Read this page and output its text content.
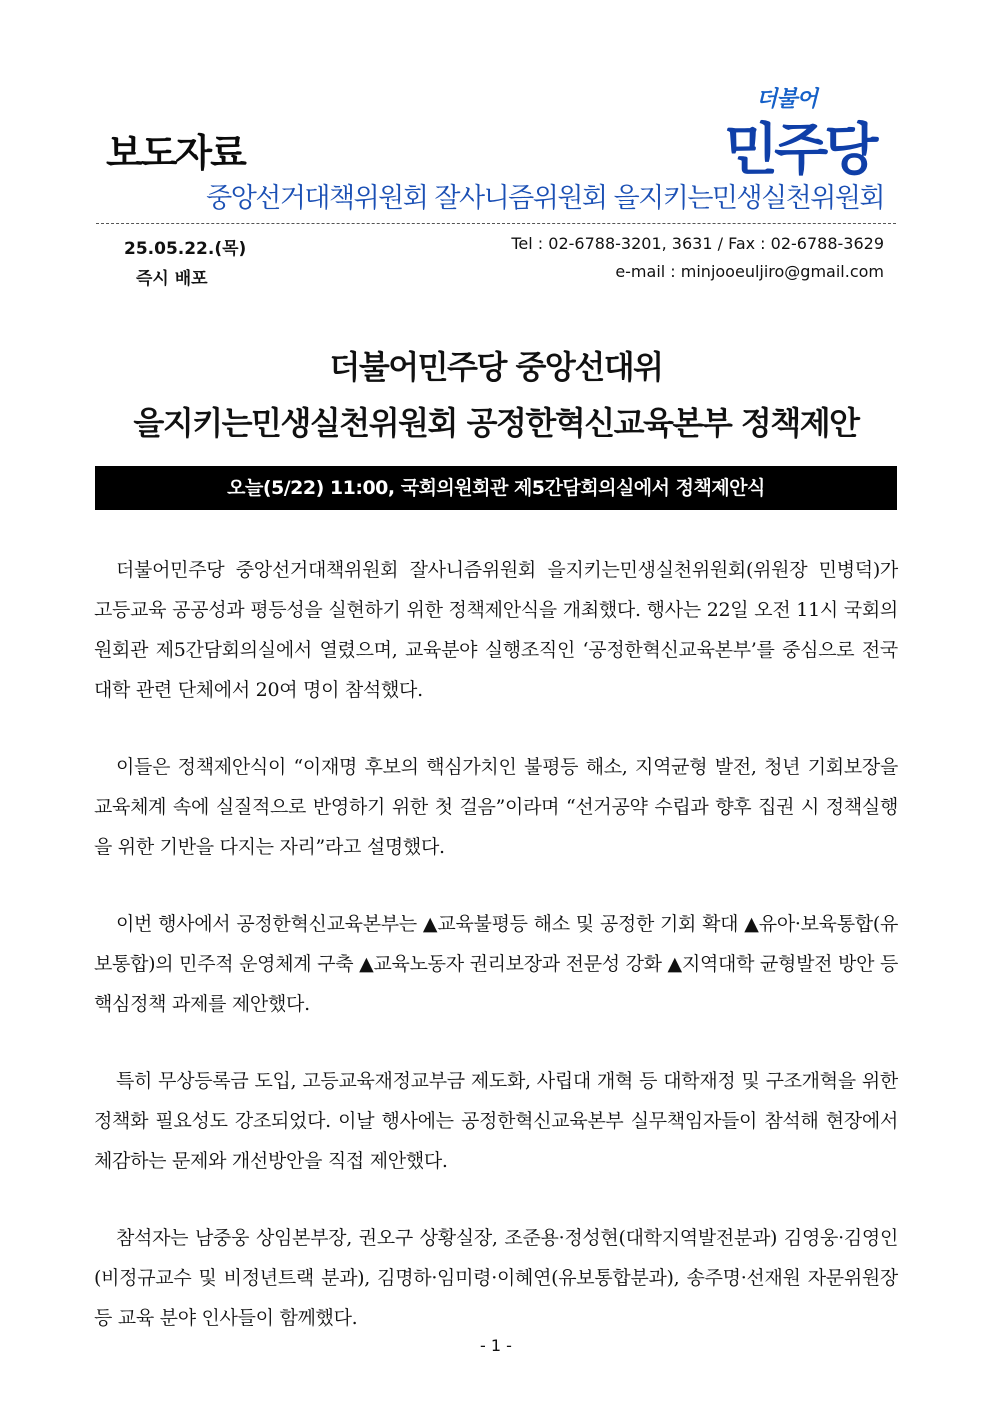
보도자료
더불어
민주당
중앙선거대책위원회 잘사니즘위원회 을지키는민생실천위원회
25.05.22.(목)
즉시 배포
Tel : 02-6788-3201, 3631 / Fax : 02-6788-3629
e-mail : minjooeuljiro@gmail.com
더불어민주당 중앙선대위
을지키는민생실천위원회 공정한혁신교육본부 정책제안
오늘(5/22) 11:00, 국회의원회관 제5간담회의실에서 정책제안식

더불어민주당 중앙선거대책위원회 잘사니즘위원회 을지키는민생실천위원회(위원장 민병덕)가 고등교육 공공성과 평등성을 실현하기 위한 정책제안식을 개최했다. 행사는 22일 오전 11시 국회의원회관 제5간담회의실에서 열렸으며, 교육분야 실행조직인 ‘공정한혁신교육본부’를 중심으로 전국 대학 관련 단체에서 20여 명이 참석했다.

이들은 정책제안식이 “이재명 후보의 핵심가치인 불평등 해소, 지역균형 발전, 청년 기회보장을 교육체계 속에 실질적으로 반영하기 위한 첫 걸음”이라며 “선거공약 수립과 향후 집권 시 정책실행을 위한 기반을 다지는 자리”라고 설명했다.

이번 행사에서 공정한혁신교육본부는 ▲교육불평등 해소 및 공정한 기회 확대 ▲유아·보육통합(유보통합)의 민주적 운영체계 구축 ▲교육노동자 권리보장과 전문성 강화 ▲지역대학 균형발전 방안 등 핵심정책 과제를 제안했다.

특히 무상등록금 도입, 고등교육재정교부금 제도화, 사립대 개혁 등 대학재정 및 구조개혁을 위한 정책화 필요성도 강조되었다. 이날 행사에는 공정한혁신교육본부 실무책임자들이 참석해 현장에서 체감하는 문제와 개선방안을 직접 제안했다.

참석자는 남중웅 상임본부장, 권오구 상황실장, 조준용·정성현(대학지역발전분과) 김영웅·김영인(비정규교수 및 비정년트랙 분과), 김명하·임미령·이혜연(유보통합분과), 송주명·선재원 자문위원장 등 교육 분야 인사들이 함께했다.

- 1 -
